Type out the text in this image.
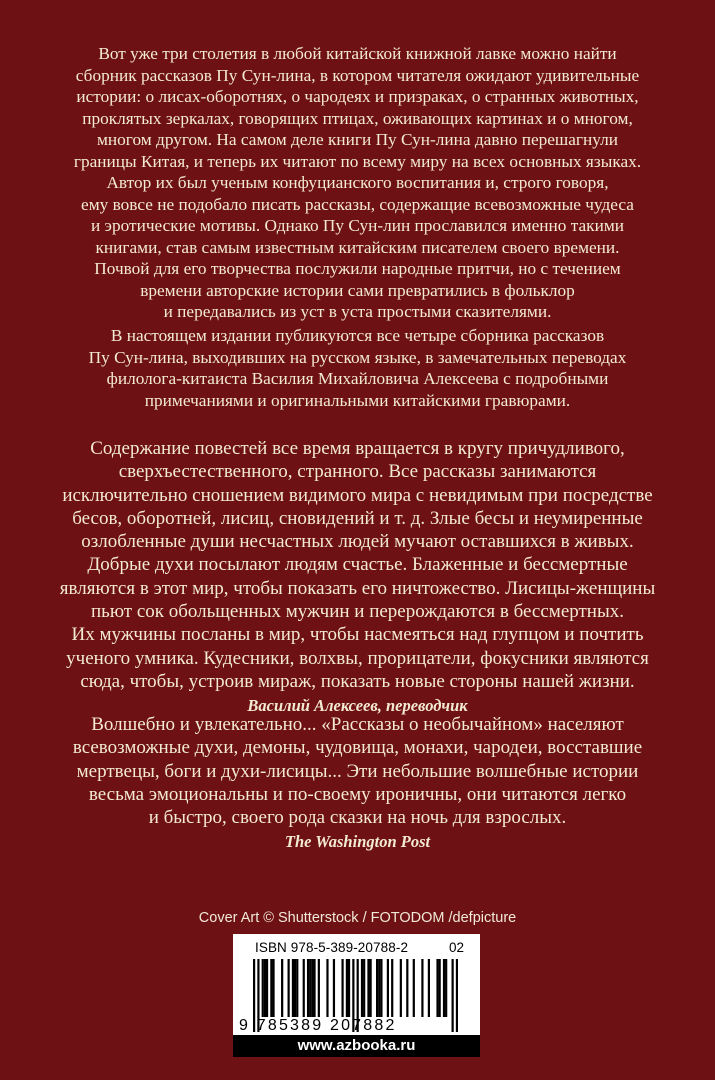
Вот уже три столетия в любой китайской книжной лавке можно найти
сборник рассказов Пу Сун-лина, в котором читателя ожидают удивительные
истории: о лисах-оборотнях, о чародеях и призраках, о странных животных,
проклятых зеркалах, говорящих птицах, оживающих картинах и о многом,
многом другом. На самом деле книги Пу Сун-лина давно перешагнули
границы Китая, и теперь их читают по всему миру на всех основных языках.
Автор их был ученым конфуцианского воспитания и, строго говоря,
ему вовсе не подобало писать рассказы, содержащие всевозможные чудеса
и эротические мотивы. Однако Пу Сун-лин прославился именно такими
книгами, став самым известным китайским писателем своего времени.
Почвой для его творчества послужили народные притчи, но с течением
времени авторские истории сами превратились в фольклор
и передавались из уст в уста простыми сказителями.
В настоящем издании публикуются все четыре сборника рассказов
Пу Сун-лина, выходивших на русском языке, в замечательных переводах
филолога-китаиста Василия Михайловича Алексеева с подробными
примечаниями и оригинальными китайскими гравюрами.
Содержание повестей все время вращается в кругу причудливого,
сверхъестественного, странного. Все рассказы занимаются
исключительно сношением видимого мира с невидимым при посредстве
бесов, оборотней, лисиц, сновидений и т. д. Злые бесы и неумиренные
озлобленные души несчастных людей мучают оставшихся в живых.
Добрые духи посылают людям счастье. Блаженные и бессмертные
являются в этот мир, чтобы показать его ничтожество. Лисицы-женщины
пьют сок обольщенных мужчин и перерождаются в бессмертных.
Их мужчины посланы в мир, чтобы насмеяться над глупцом и почтить
ученого умника. Кудесники, волхвы, прорицатели, фокусники являются
сюда, чтобы, устроив мираж, показать новые стороны нашей жизни.
Василий Алексеев, переводчик
Волшебно и увлекательно... «Рассказы о необычайном» населяют
всевозможные духи, демоны, чудовища, монахи, чародеи, восставшие
мертвецы, боги и духи-лисицы... Эти небольшие волшебные истории
весьма эмоциональны и по-своему ироничны, они читаются легко
и быстро, своего рода сказки на ночь для взрослых.
The Washington Post
Cover Art © Shutterstock / FOTODOM /defpicture
ISBN 978-5-389-20788-2	02
9 785389 207882
www.azbooka.ru
